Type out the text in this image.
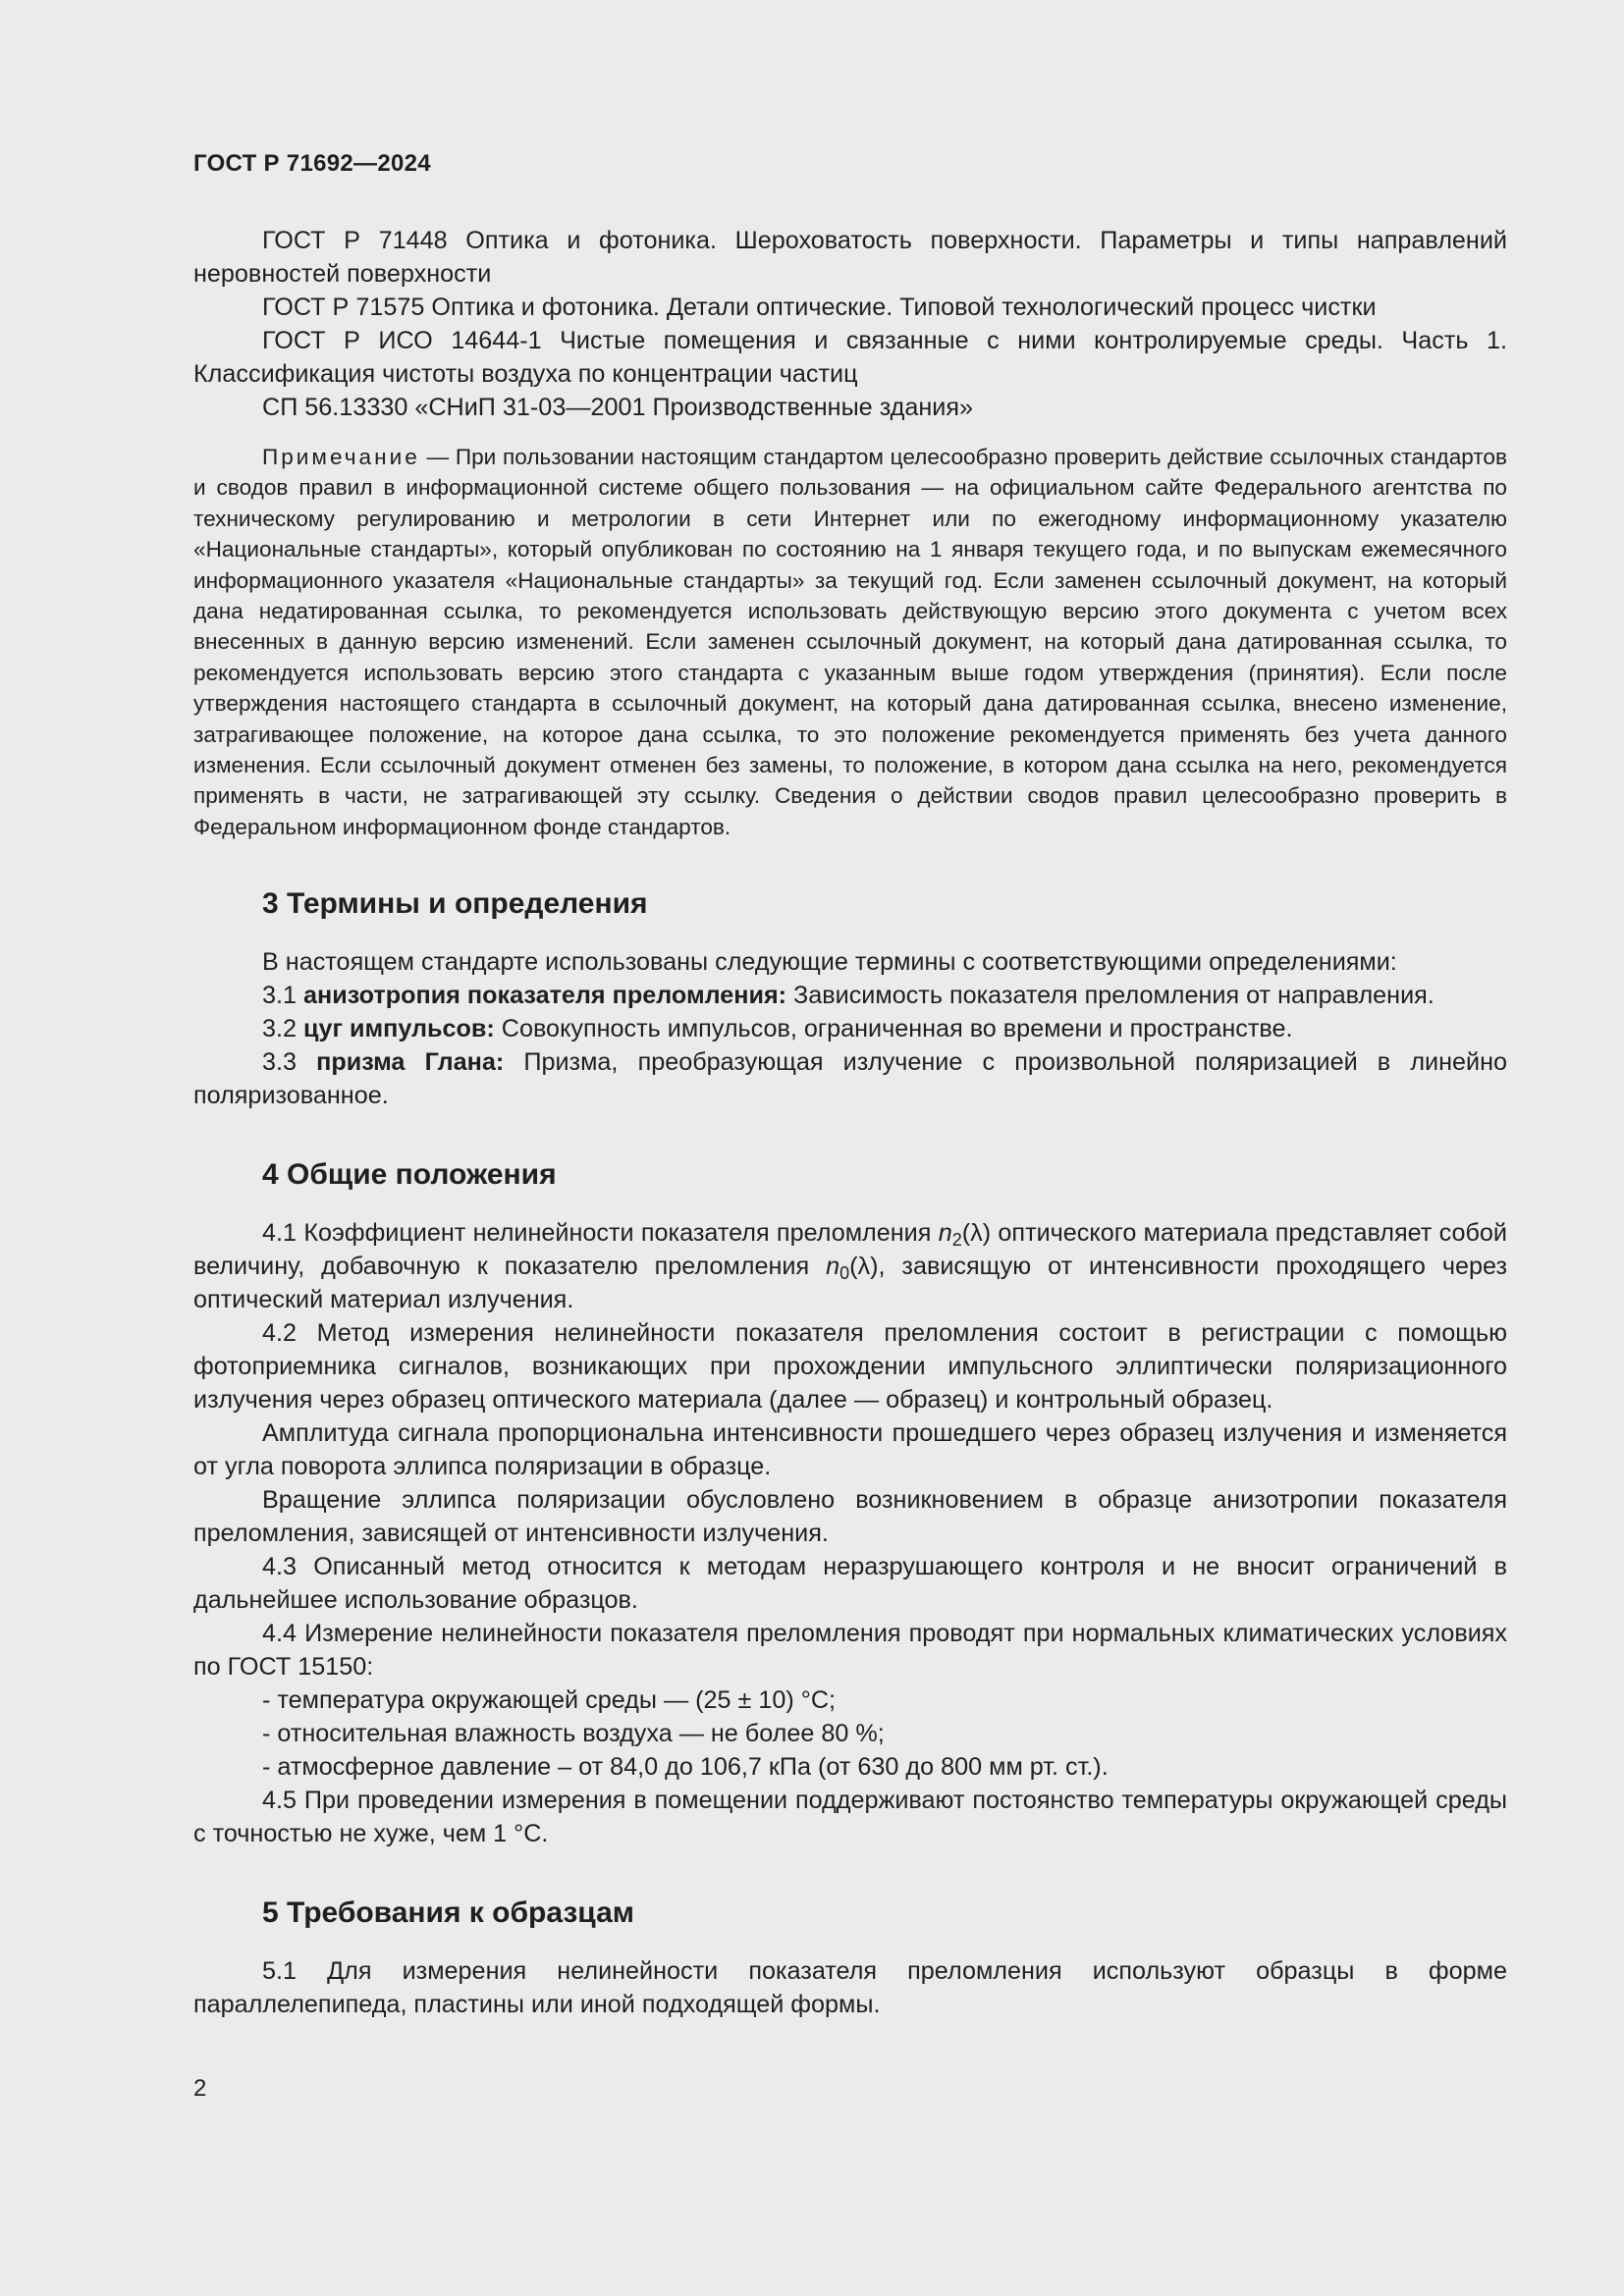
ГОСТ Р 71692—2024

ГОСТ Р 71448 Оптика и фотоника. Шероховатость поверхности. Параметры и типы направлений неровностей поверхности

ГОСТ Р 71575 Оптика и фотоника. Детали оптические. Типовой технологический процесс чистки

ГОСТ Р ИСО 14644-1 Чистые помещения и связанные с ними контролируемые среды. Часть 1. Классификация чистоты воздуха по концентрации частиц

СП 56.13330 «СНиП 31-03—2001 Производственные здания»

Примечание — При пользовании настоящим стандартом целесообразно проверить действие ссылочных стандартов и сводов правил в информационной системе общего пользования — на официальном сайте Федерального агентства по техническому регулированию и метрологии в сети Интернет или по ежегодному информационному указателю «Национальные стандарты», который опубликован по состоянию на 1 января текущего года, и по выпускам ежемесячного информационного указателя «Национальные стандарты» за текущий год. Если заменен ссылочный документ, на который дана недатированная ссылка, то рекомендуется использовать действующую версию этого документа с учетом всех внесенных в данную версию изменений. Если заменен ссылочный документ, на который дана датированная ссылка, то рекомендуется использовать версию этого стандарта с указанным выше годом утверждения (принятия). Если после утверждения настоящего стандарта в ссылочный документ, на который дана датированная ссылка, внесено изменение, затрагивающее положение, на которое дана ссылка, то это положение рекомендуется применять без учета данного изменения. Если ссылочный документ отменен без замены, то положение, в котором дана ссылка на него, рекомендуется применять в части, не затрагивающей эту ссылку. Сведения о действии сводов правил целесообразно проверить в Федеральном информационном фонде стандартов.

3 Термины и определения

В настоящем стандарте использованы следующие термины с соответствующими определениями:

3.1 анизотропия показателя преломления: Зависимость показателя преломления от направления.

3.2 цуг импульсов: Совокупность импульсов, ограниченная во времени и пространстве.

3.3 призма Глана: Призма, преобразующая излучение с произвольной поляризацией в линейно поляризованное.

4 Общие положения

4.1 Коэффициент нелинейности показателя преломления $n_2(\lambda)$ оптического материала представляет собой величину, добавочную к показателю преломления $n_0(\lambda)$, зависящую от интенсивности проходящего через оптический материал излучения.

4.2 Метод измерения нелинейности показателя преломления состоит в регистрации с помощью фотоприемника сигналов, возникающих при прохождении импульсного эллиптически поляризационного излучения через образец оптического материала (далее — образец) и контрольный образец.

Амплитуда сигнала пропорциональна интенсивности прошедшего через образец излучения и изменяется от угла поворота эллипса поляризации в образце.

Вращение эллипса поляризации обусловлено возникновением в образце анизотропии показателя преломления, зависящей от интенсивности излучения.

4.3 Описанный метод относится к методам неразрушающего контроля и не вносит ограничений в дальнейшее использование образцов.

4.4 Измерение нелинейности показателя преломления проводят при нормальных климатических условиях по ГОСТ 15150:

- температура окружающей среды — (25 ± 10) °С;

- относительная влажность воздуха — не более 80 %;

- атмосферное давление – от 84,0 до 106,7 кПа (от 630 до 800 мм рт. ст.).

4.5 При проведении измерения в помещении поддерживают постоянство температуры окружающей среды с точностью не хуже, чем 1 °С.

5 Требования к образцам

5.1 Для измерения нелинейности показателя преломления используют образцы в форме параллелепипеда, пластины или иной подходящей формы.

2
